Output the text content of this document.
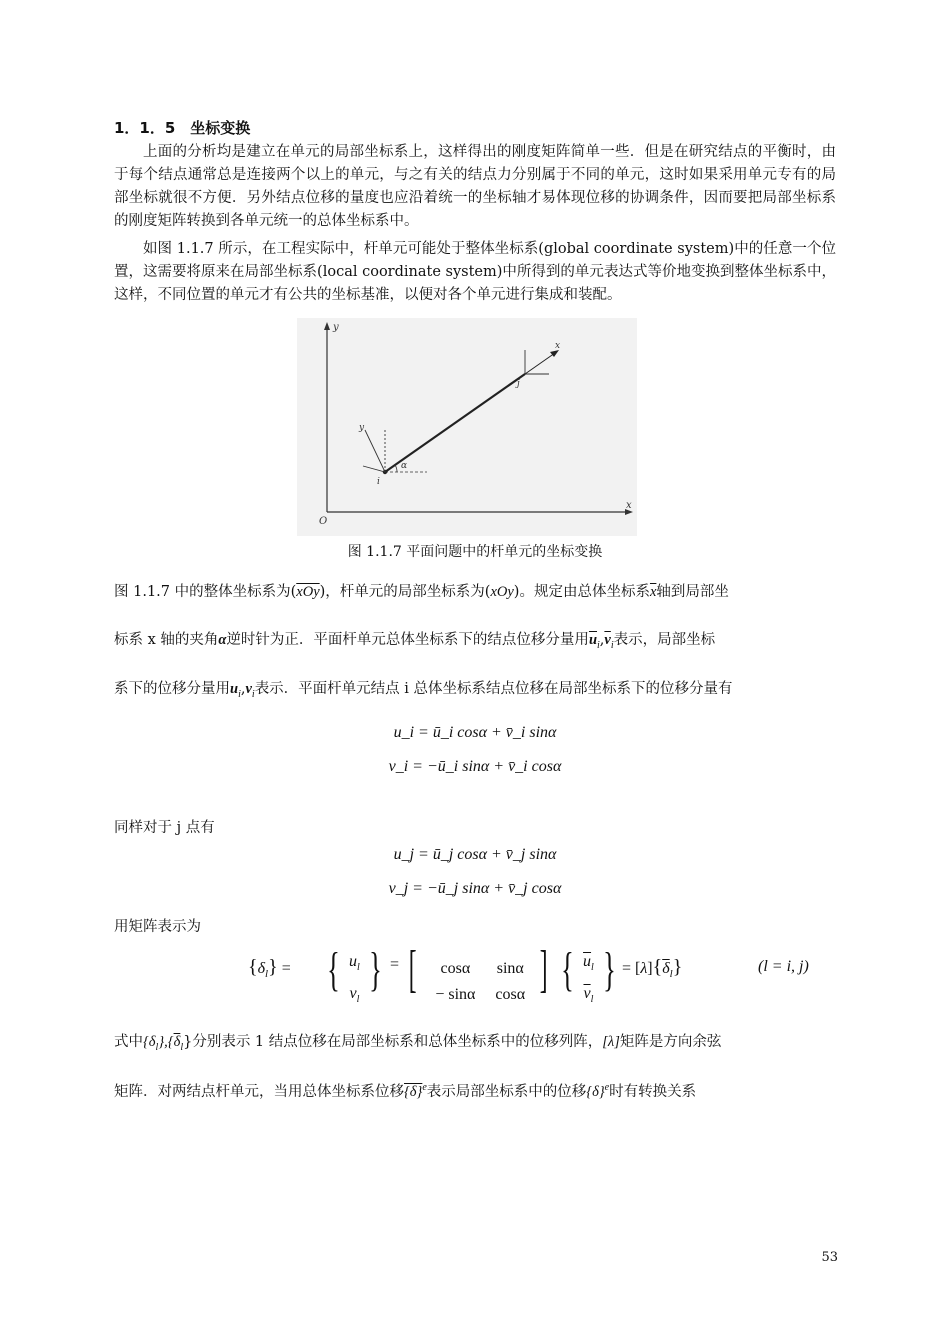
1．1．5　坐标变换
上面的分析均是建立在单元的局部坐标系上，这样得出的刚度矩阵简单一些．但是在研究结点的平衡时，由于每个结点通常总是连接两个以上的单元，与之有关的结点力分别属于不同的单元，这时如果采用单元专有的局部坐标就很不方便．另外结点位移的量度也应沿着统一的坐标轴才易体现位移的协调条件，因而要把局部坐标系的刚度矩阵转换到各单元统一的总体坐标系中。
如图 1.1.7 所示，在工程实际中，杆单元可能处于整体坐标系(global coordinate system)中的任意一个位置，这需要将原来在局部坐标系(local coordinate system)中所得到的单元表达式等价地变换到整体坐标系中，这样，不同位置的单元才有公共的坐标基准，以便对各个单元进行集成和装配。
y
x
O
x
j
i
y
α
图 1.1.7 平面问题中的杆单元的坐标变换
图 1.1.7 中的整体坐标系为$(\overline{xOy})$，杆单元的局部坐标系为(xOy)。规定由总体坐标系$\overline{x}$轴到局部坐
标系 x 轴的夹角α逆时针为正．平面杆单元总体坐标系下的结点位移分量用$\overline{u}_i,\overline{v}_i$表示，局部坐标
系下的位移分量用$u_i,v_i$表示．平面杆单元结点 i 总体坐标系结点位移在局部坐标系下的位移分量有
u_i = ū_i cosα + v̄_i sinα
v_i = −ū_i sinα + v̄_i cosα
同样对于 j 点有
u_j = ū_j cosα + v̄_j sinα
v_j = −ū_j sinα + v̄_j cosα
用矩阵表示为
$\{\delta_l\}$ = { $u_l$
$v_l$
} = [	cosα
− sinα

sinα
cosα ] { $\overline{u}_l$
$\overline{v}_l$
} = $[\lambda]\{\overline{\delta}_l\}$	(l = i, j)
式中$\{\delta_l\},\{\overline{\delta}_l\}$分别表示 1 结点位移在局部坐标系和总体坐标系中的位移列阵，[λ]矩阵是方向余弦
矩阵．对两结点杆单元，当用总体坐标系位移$\{\delta\}^e$表示局部坐标系中的位移$\{\delta\}^e$时有转换关系
53
